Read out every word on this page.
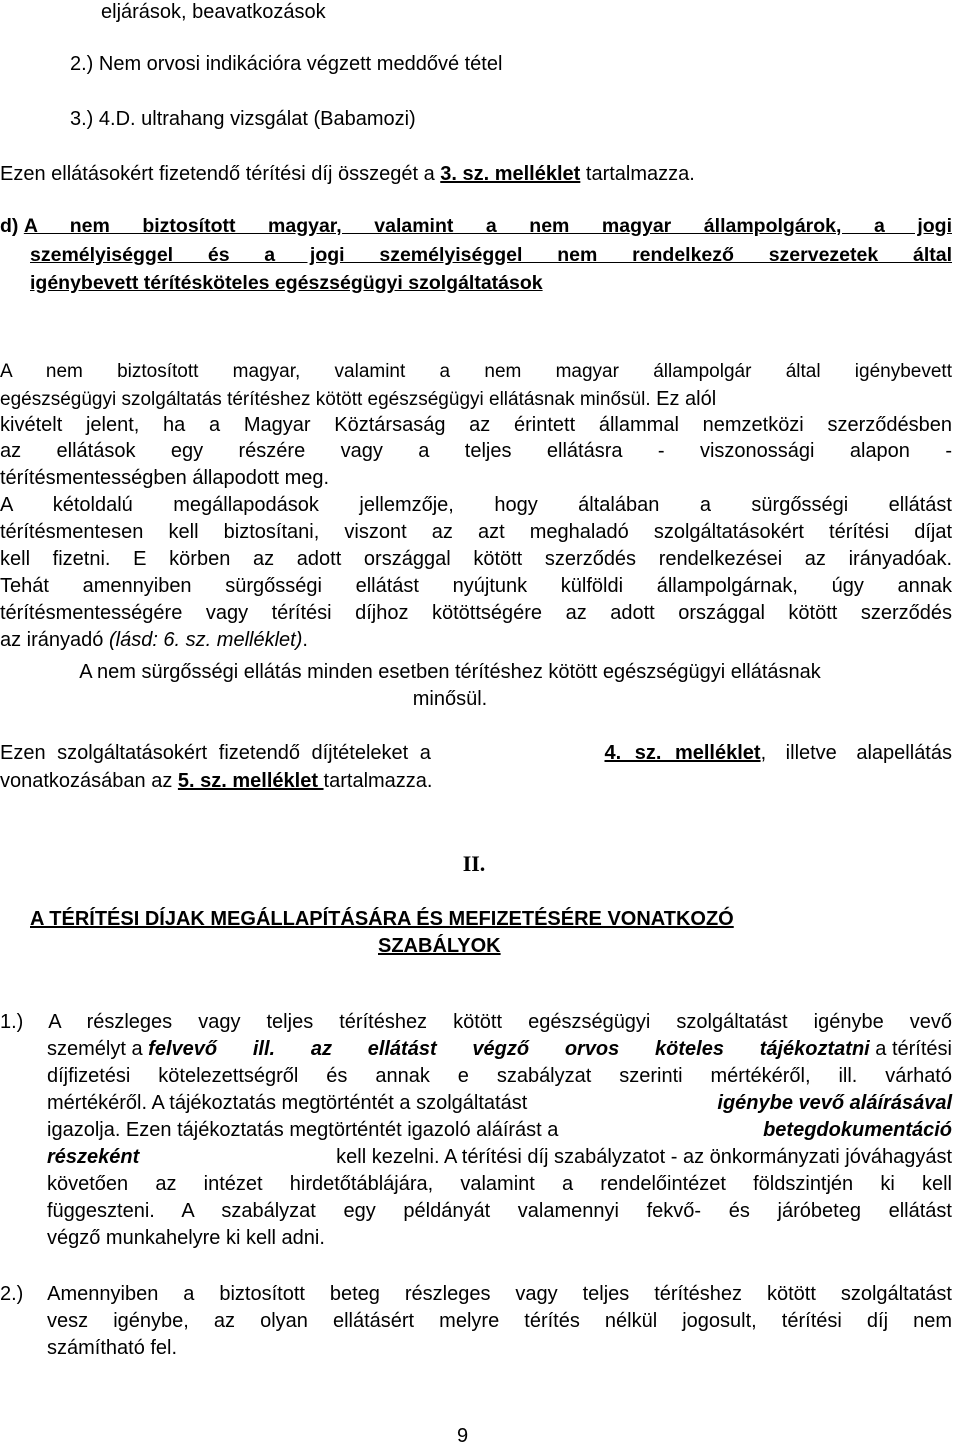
eljárások, beavatkozások
2.) Nem orvosi indikációra végzett meddővé tétel
3.) 4.D. ultrahang vizsgálat (Babamozi)
Ezen ellátásokért fizetendő térítési díj összegét a 3. sz. melléklet tartalmazza.
d) A nem biztosított magyar, valamint a nem magyar állampolgárok, a jogi
személyiséggel és a jogi személyiséggel nem rendelkező szervezetek által
igénybevett térítésköteles egészségügyi szolgáltatások
A nem biztosított magyar, valamint a nem magyar állampolgár által igénybevett
egészségügyi szolgáltatás térítéshez kötött egészségügyi ellátásnak minősül. Ez alól
kivételt jelent, ha a Magyar Köztársaság az érintett állammal nemzetközi szerződésben
az ellátások egy részére vagy a teljes ellátásra - viszonossági alapon -
térítésmentességben állapodott meg.
A kétoldalú megállapodások jellemzője, hogy általában a sürgősségi ellátást
térítésmentesen kell biztosítani, viszont az azt meghaladó szolgáltatásokért térítési díjat
kell fizetni. E körben az adott országgal kötött szerződés rendelkezései az irányadóak.
Tehát amennyiben sürgősségi ellátást nyújtunk külföldi állampolgárnak, úgy annak
térítésmentességére vagy térítési díjhoz kötöttségére az adott országgal kötött szerződés
az irányadó (lásd: 6. sz. melléklet).
A nem sürgősségi ellátás minden esetben térítéshez kötött egészségügyi ellátásnak
minősül.
Ezen szolgáltatásokért fizetendő díjtételeket a	4. sz. melléklet , illetve alapellátás
vonatkozásában az 5. sz. melléklet tartalmazza.
II.
A TÉRÍTÉSI DÍJAK MEGÁLLAPÍTÁSÁRA ÉS MEFIZETÉSÉRE VONATKOZÓ
SZABÁLYOK
1.) A részleges vagy teljes térítéshez kötött egészségügyi szolgáltatást igénybe vevő
személyt a felvevő ill. az ellátást végző orvos köteles tájékoztatni a térítési
díjfizetési kötelezettségről és annak e szabályzat szerinti mértékéről, ill. várható
mértékéről. A tájékoztatás megtörténtét a szolgáltatást	igénybe vevő aláírásával
igazolja. Ezen tájékoztatás megtörténtét igazoló aláírást a	betegdokumentáció
részeként	kell kezelni. A térítési díj szabályzatot - az önkormányzati jóváhagyást
követően az intézet hirdetőtáblájára, valamint a rendelőintézet földszintjén ki kell
függeszteni. A szabályzat egy példányát valamennyi fekvő- és járóbeteg ellátást
végző munkahelyre ki kell adni.
2.) Amennyiben a biztosított beteg részleges vagy teljes térítéshez kötött szolgáltatást
vesz igénybe, az olyan ellátásért melyre térítés nélkül jogosult, térítési díj nem
számítható fel.
9
